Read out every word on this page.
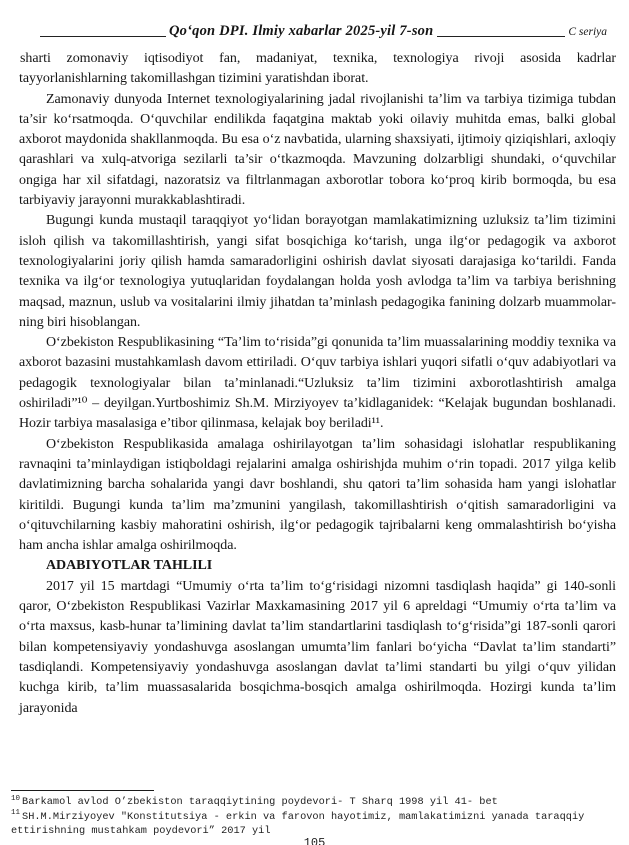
Qoʻqon DPI. Ilmiy xabarlar 2025-yil 7-son	C seriya

sharti zomonaviy iqtisodiyot fan, madaniyat, texnika, texnologiya rivoji asosida kadrlar tayyorlanishlarning takomillashgan tizimini yaratishdan iborat.

Zamonaviy dunyoda Internet texnologiyalarining jadal rivojlanishi ta’lim va tarbiya tizimiga tubdan ta’sir koʻrsatmoqda. Oʻquvchilar endilikda faqatgina maktab yoki oilaviy muhitda emas, balki global axborot maydonida shakllanmoqda. Bu esa oʻz navbatida, ularning shaxsiyati, ijtimoiy qiziqishlari, axloqiy qarashlari va xulq-atvoriga sezilarli ta’sir oʻtkazmoqda. Mavzuning dolzarbligi shundaki, oʻquvchilar ongiga har xil sifatdagi, nazoratsiz va filtrlanmagan axborotlar tobora koʻproq kirib bormoqda, bu esa tarbiyaviy jarayonni murakkablashtiradi.

Bugungi kunda mustaqil taraqqiyot yoʻlidan borayotgan mamlakatimizning uzluksiz ta’lim tizimini isloh qilish va takomillashtirish, yangi sifat bosqichiga koʻtarish, unga ilgʻor pedagogik va axborot texnologiyalarini joriy qilish hamda samaradorligini oshirish davlat siyosati darajasiga koʻtarildi. Fanda texnika va ilgʻor texnologiya yutuqlaridan foydalangan holda yosh avlodga ta’lim va tarbiya berishning maqsad, maznun, uslub va vositalarini ilmiy jihatdan ta’minlash pedagogika fanining dolzarb muammolar-ning biri hisoblangan.

Oʻzbekiston Respublikasining “Ta’lim toʻrisida”gi qonunida ta’lim muassalarining moddiy texnika va axborot bazasini mustahkamlash davom ettiriladi. Oʻquv tarbiya ishlari yuqori sifatli oʻquv adabiyotlari va pedagogik texnologiyalar bilan ta’minlanadi.“Uzluksiz ta’lim tizimini axborotlashtirish amalga oshiriladi”¹⁰ – deyilgan.Yurtboshimiz Sh.M. Mirziyoyev ta’kidlaganidek: “Kelajak bugundan boshlanadi. Hozir tarbiya masalasiga e’tibor qilinmasa, kelajak boy beriladi¹¹.

Oʻzbekiston Respublikasida amalaga oshirilayotgan ta’lim sohasidagi islohatlar respublikaning ravnaqini ta’minlaydigan istiqboldagi rejalarini amalga oshirishjda muhim oʻrin topadi. 2017 yilga kelib davlatimizning barcha sohalarida yangi davr boshlandi, shu qatori ta’lim sohasida ham yangi islohatlar kiritildi. Bugungi kunda ta’lim ma’zmunini yangilash, takomillashtirish oʻqitish samaradorligini va oʻqituvchilarning kasbiy mahoratini oshirish, ilgʻor pedagogik tajribalarni keng ommalashtirish boʻyisha ham ancha ishlar amalga oshirilmoqda.

ADABIYOTLAR TAHLILI

2017 yil 15 martdagi “Umumiy oʻrta ta’lim toʻgʻrisidagi nizomni tasdiqlash haqida” gi 140-sonli qaror, Oʻzbekiston Respublikasi Vazirlar Maxkamasining 2017 yil 6 apreldagi “Umumiy oʻrta ta’lim va oʻrta maxsus, kasb-hunar ta’limining davlat ta’lim standartlarini tasdiqlash toʻgʻrisida”gi 187-sonli qarori bilan kompetensiyaviy yondashuvga asoslangan umumta’lim fanlari boʻyicha “Davlat ta’lim standarti” tasdiqlandi. Kompetensiyaviy yondashuvga asoslangan davlat ta’limi standarti bu yilgi oʻquv yilidan kuchga kirib, ta’lim muassasalarida bosqichma-bosqich amalga oshirilmoqda. Hozirgi kunda ta’lim jarayonida

$^{10}$ Barkamol avlod O’zbekiston taraqqiytining poydevori- T Sharq 1998 yil 41- bet

$^{11}$ SH.M.Mirziyoyev "Konstitutsiya - erkin va farovon hayotimiz, mamlakatimizni yanada taraqqiy ettirishning mustahkam poydevori” 2017 yil

105
